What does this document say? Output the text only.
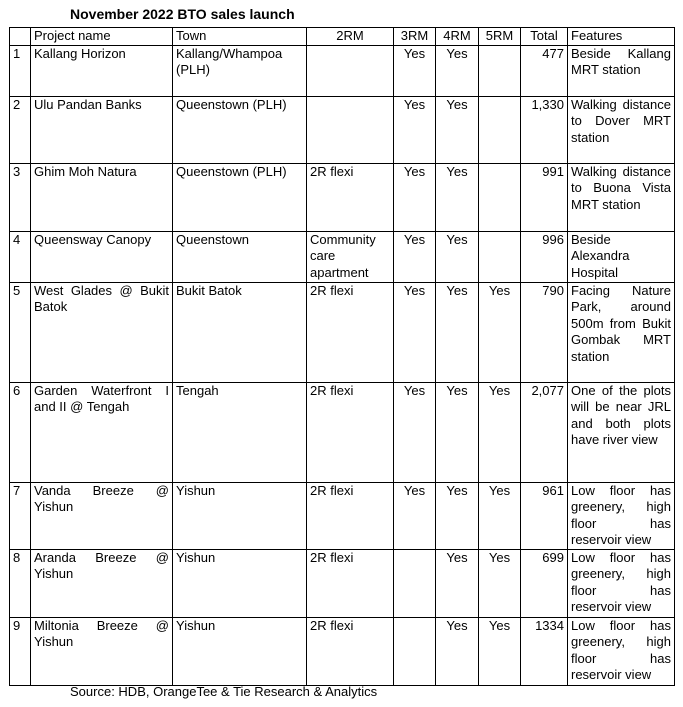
November 2022 BTO sales launch
	Project name	Town	2RM	3RM	4RM	5RM	Total	Features
1	Kallang Horizon	Kallang/Whampoa (PLH)		Yes	Yes		477	Beside Kallang MRT station
2	Ulu Pandan Banks	Queenstown (PLH)		Yes	Yes		1,330	Walking distance to Dover MRT station
3	Ghim Moh Natura	Queenstown (PLH)	2R flexi	Yes	Yes		991	Walking distance to Buona Vista MRT station
4	Queensway Canopy	Queenstown	Community care apartment	Yes	Yes		996	Beside Alexandra Hospital
5	West Glades @ Bukit Batok	Bukit Batok	2R flexi	Yes	Yes	Yes	790	Facing Nature Park, around 500m from Bukit Gombak MRT station
6	Garden Waterfront I and II @ Tengah	Tengah	2R flexi	Yes	Yes	Yes	2,077	One of the plots will be near JRL and both plots have river view
7	Vanda Breeze @ Yishun	Yishun	2R flexi	Yes	Yes	Yes	961	Low floor has greenery, high floor has reservoir view
8	Aranda Breeze @ Yishun	Yishun	2R flexi		Yes	Yes	699	Low floor has greenery, high floor has reservoir view
9	Miltonia Breeze @ Yishun	Yishun	2R flexi		Yes	Yes	1334	Low floor has greenery, high floor has reservoir view
Source: HDB, OrangeTee & Tie Research & Analytics
